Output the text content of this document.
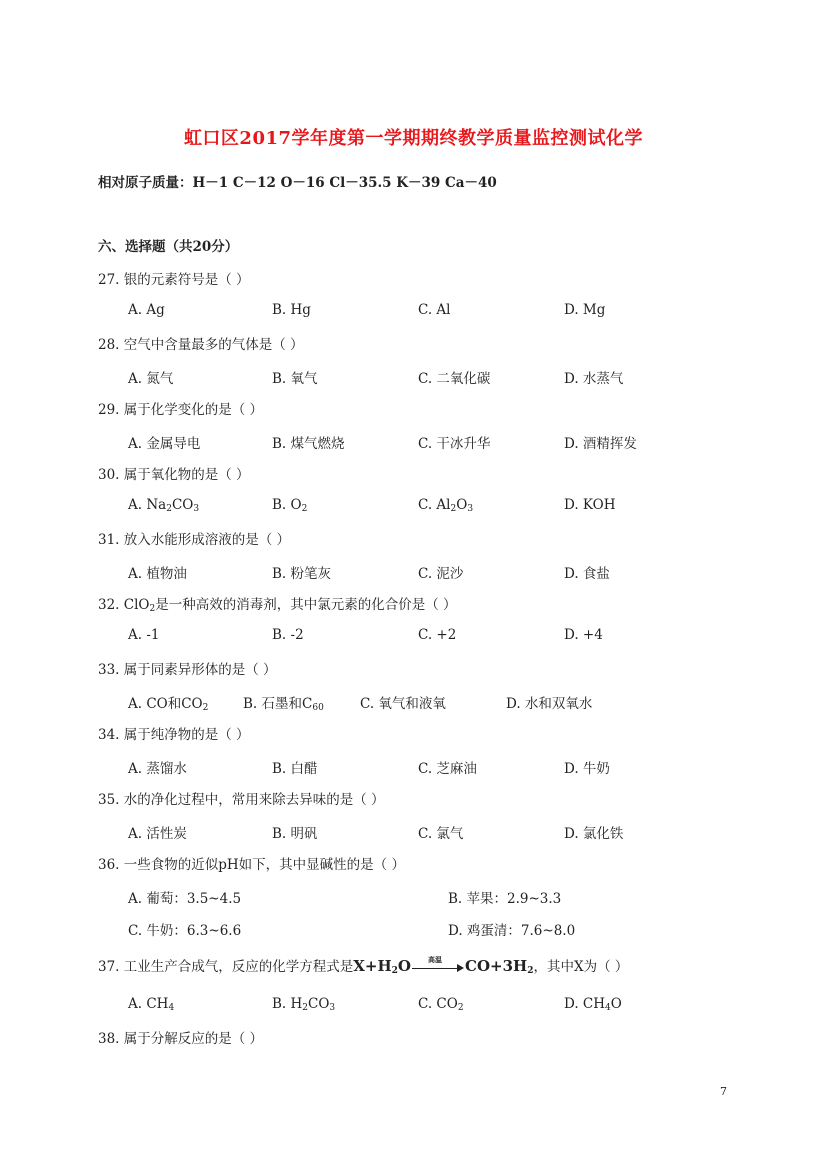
虹口区2017学年度第一学期期终教学质量监控测试化学
相对原子质量：H－1 C－12 O－16 Cl－35.5 K－39 Ca－40
六、选择题（共20分）
27. 银的元素符号是（ ）
A. Ag	B. Hg	C. Al	D. Mg
28. 空气中含量最多的气体是（ ）
A. 氮气	B. 氧气	C. 二氧化碳	D. 水蒸气
29. 属于化学变化的是（ ）
A. 金属导电	B. 煤气燃烧	C. 干冰升华	D. 酒精挥发
30. 属于氧化物的是（ ）
A. $Na_2CO_3$	B. $O_2$	C. $Al_2O_3$	D. KOH
31. 放入水能形成溶液的是（ ）
A. 植物油	B. 粉笔灰	C. 泥沙	D. 食盐
32. ClO$_2$是一种高效的消毒剂，其中氯元素的化合价是（ ）
A. -1	B. -2	C. +2	D. +4
33. 属于同素异形体的是（ ）
A. CO和$CO_2$	B. 石墨和$C_{60}$	C. 氧气和液氧	D. 水和双氧水
34. 属于纯净物的是（ ）
A. 蒸馏水	B. 白醋	C. 芝麻油	D. 牛奶
35. 水的净化过程中，常用来除去异味的是（ ）
A. 活性炭	B. 明矾	C. 氯气	D. 氯化铁
36. 一些食物的近似pH如下，其中显碱性的是（ ）
A. 葡萄：3.5~4.5	B. 苹果：2.9~3.3
C. 牛奶：6.3~6.6	D. 鸡蛋清：7.6~8.0
37. 工业生产合成气，反应的化学方程式是$X+H_2O$	高温	$CO+3H_2$，其中X为（ ）
A. $CH_4$	B. $H_2CO_3$	C. $CO_2$	D. $CH_4O$
38. 属于分解反应的是（ ）
7
